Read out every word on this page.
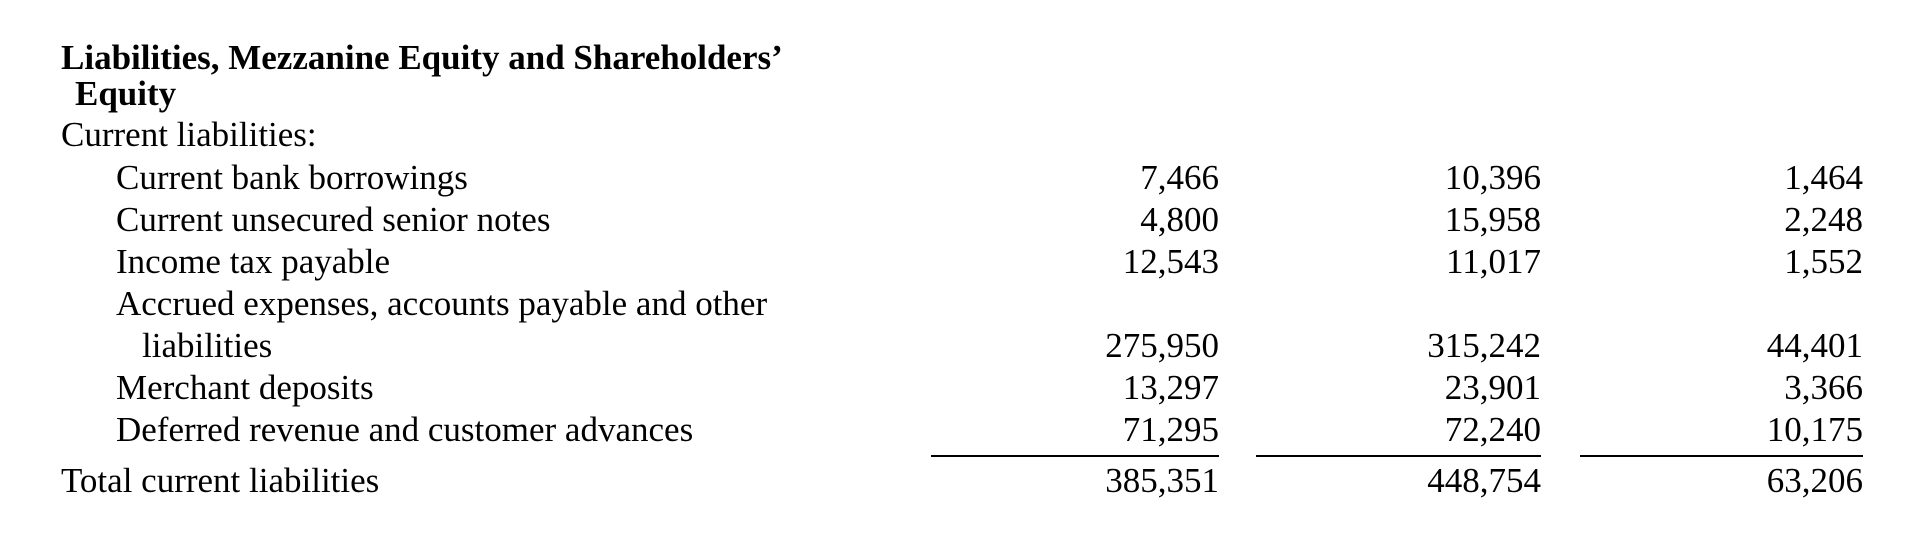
Liabilities, Mezzanine Equity and Shareholders’
Equity
Current liabilities:
Current bank borrowings	7,466	10,396	1,464
Current unsecured senior notes	4,800	15,958	2,248
Income tax payable	12,543	11,017	1,552
Accrued expenses, accounts payable and other
liabilities	275,950	315,242	44,401
Merchant deposits	13,297	23,901	3,366
Deferred revenue and customer advances	71,295	72,240	10,175
Total current liabilities	385,351	448,754	63,206
